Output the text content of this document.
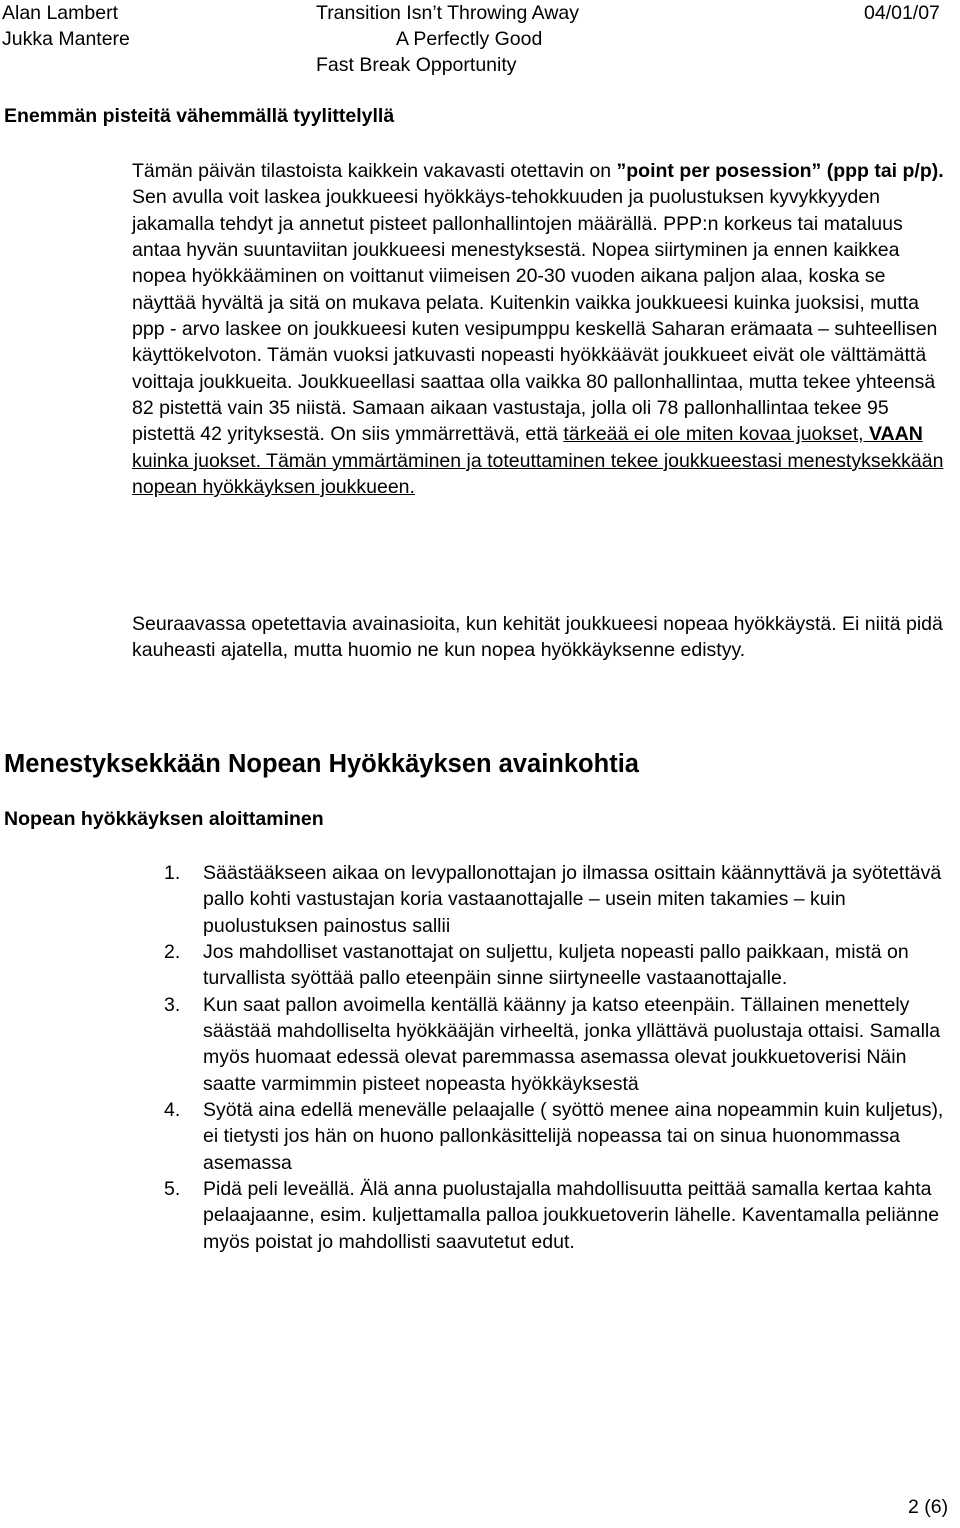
Alan Lambert
Jukka Mantere
Transition Isn’t Throwing Away
A Perfectly Good
Fast Break Opportunity
04/01/07
Enemmän pisteitä vähemmällä tyylittelyllä

Tämän päivän tilastoista kaikkein vakavasti otettavin on ”point per posession” (ppp tai p/p). Sen avulla voit laskea joukkueesi hyökkäys-tehokkuuden ja puolustuksen kyvykkyyden jakamalla tehdyt ja annetut pisteet pallonhallintojen määrällä. PPP:n korkeus tai mataluus antaa hyvän suuntaviitan joukkueesi menestyksestä. Nopea siirtyminen ja ennen kaikkea nopea hyökkääminen on voittanut viimeisen 20-30 vuoden aikana paljon alaa, koska se näyttää hyvältä ja sitä on mukava pelata. Kuitenkin vaikka joukkueesi kuinka juoksisi, mutta ppp - arvo laskee on joukkueesi kuten vesipumppu keskellä Saharan erämaata – suhteellisen käyttökelvoton. Tämän vuoksi jatkuvasti nopeasti hyökkäävät joukkueet eivät ole välttämättä voittaja joukkueita. Joukkueellasi saattaa olla vaikka 80 pallonhallintaa, mutta tekee yhteensä 82 pistettä vain 35 niistä. Samaan aikaan vastustaja, jolla oli 78 pallonhallintaa tekee 95 pistettä 42 yrityksestä. On siis ymmärrettävä, että tärkeää ei ole miten kovaa juokset, VAAN kuinka juokset. Tämän ymmärtäminen ja toteuttaminen tekee joukkueestasi menestyksekkään nopean hyökkäyksen joukkueen.

Seuraavassa opetettavia avainasioita, kun kehität joukkueesi nopeaa hyökkäystä. Ei niitä pidä kauheasti ajatella, mutta huomio ne kun nopea hyökkäyksenne edistyy.

Menestyksekkään Nopean Hyökkäyksen avainkohtia
Nopean hyökkäyksen aloittaminen
1. Säästääkseen aikaa on levypallonottajan jo ilmassa osittain käännyttävä ja syötettävä pallo kohti vastustajan koria vastaanottajalle – usein miten takamies – kuin puolustuksen painostus sallii
2. Jos mahdolliset vastanottajat on suljettu, kuljeta nopeasti pallo paikkaan, mistä on turvallista syöttää pallo eteenpäin sinne siirtyneelle vastaanottajalle.
3. Kun saat pallon avoimella kentällä käänny ja katso eteenpäin. Tällainen menettely säästää mahdolliselta hyökkääjän virheeltä, jonka yllättävä puolustaja ottaisi. Samalla myös huomaat edessä olevat paremmassa asemassa olevat joukkuetoverisi Näin saatte varmimmin pisteet nopeasta hyökkäyksestä
4. Syötä aina edellä menevälle pelaajalle ( syöttö menee aina nopeammin kuin kuljetus), ei tietysti jos hän on huono pallonkäsittelijä nopeassa tai on sinua huonommassa asemassa
5. Pidä peli leveällä. Älä anna puolustajalla mahdollisuutta peittää samalla kertaa kahta pelaajaanne, esim. kuljettamalla palloa joukkuetoverin lähelle. Kaventamalla peliänne myös poistat jo mahdollisti saavutetut edut.
2 (6)
